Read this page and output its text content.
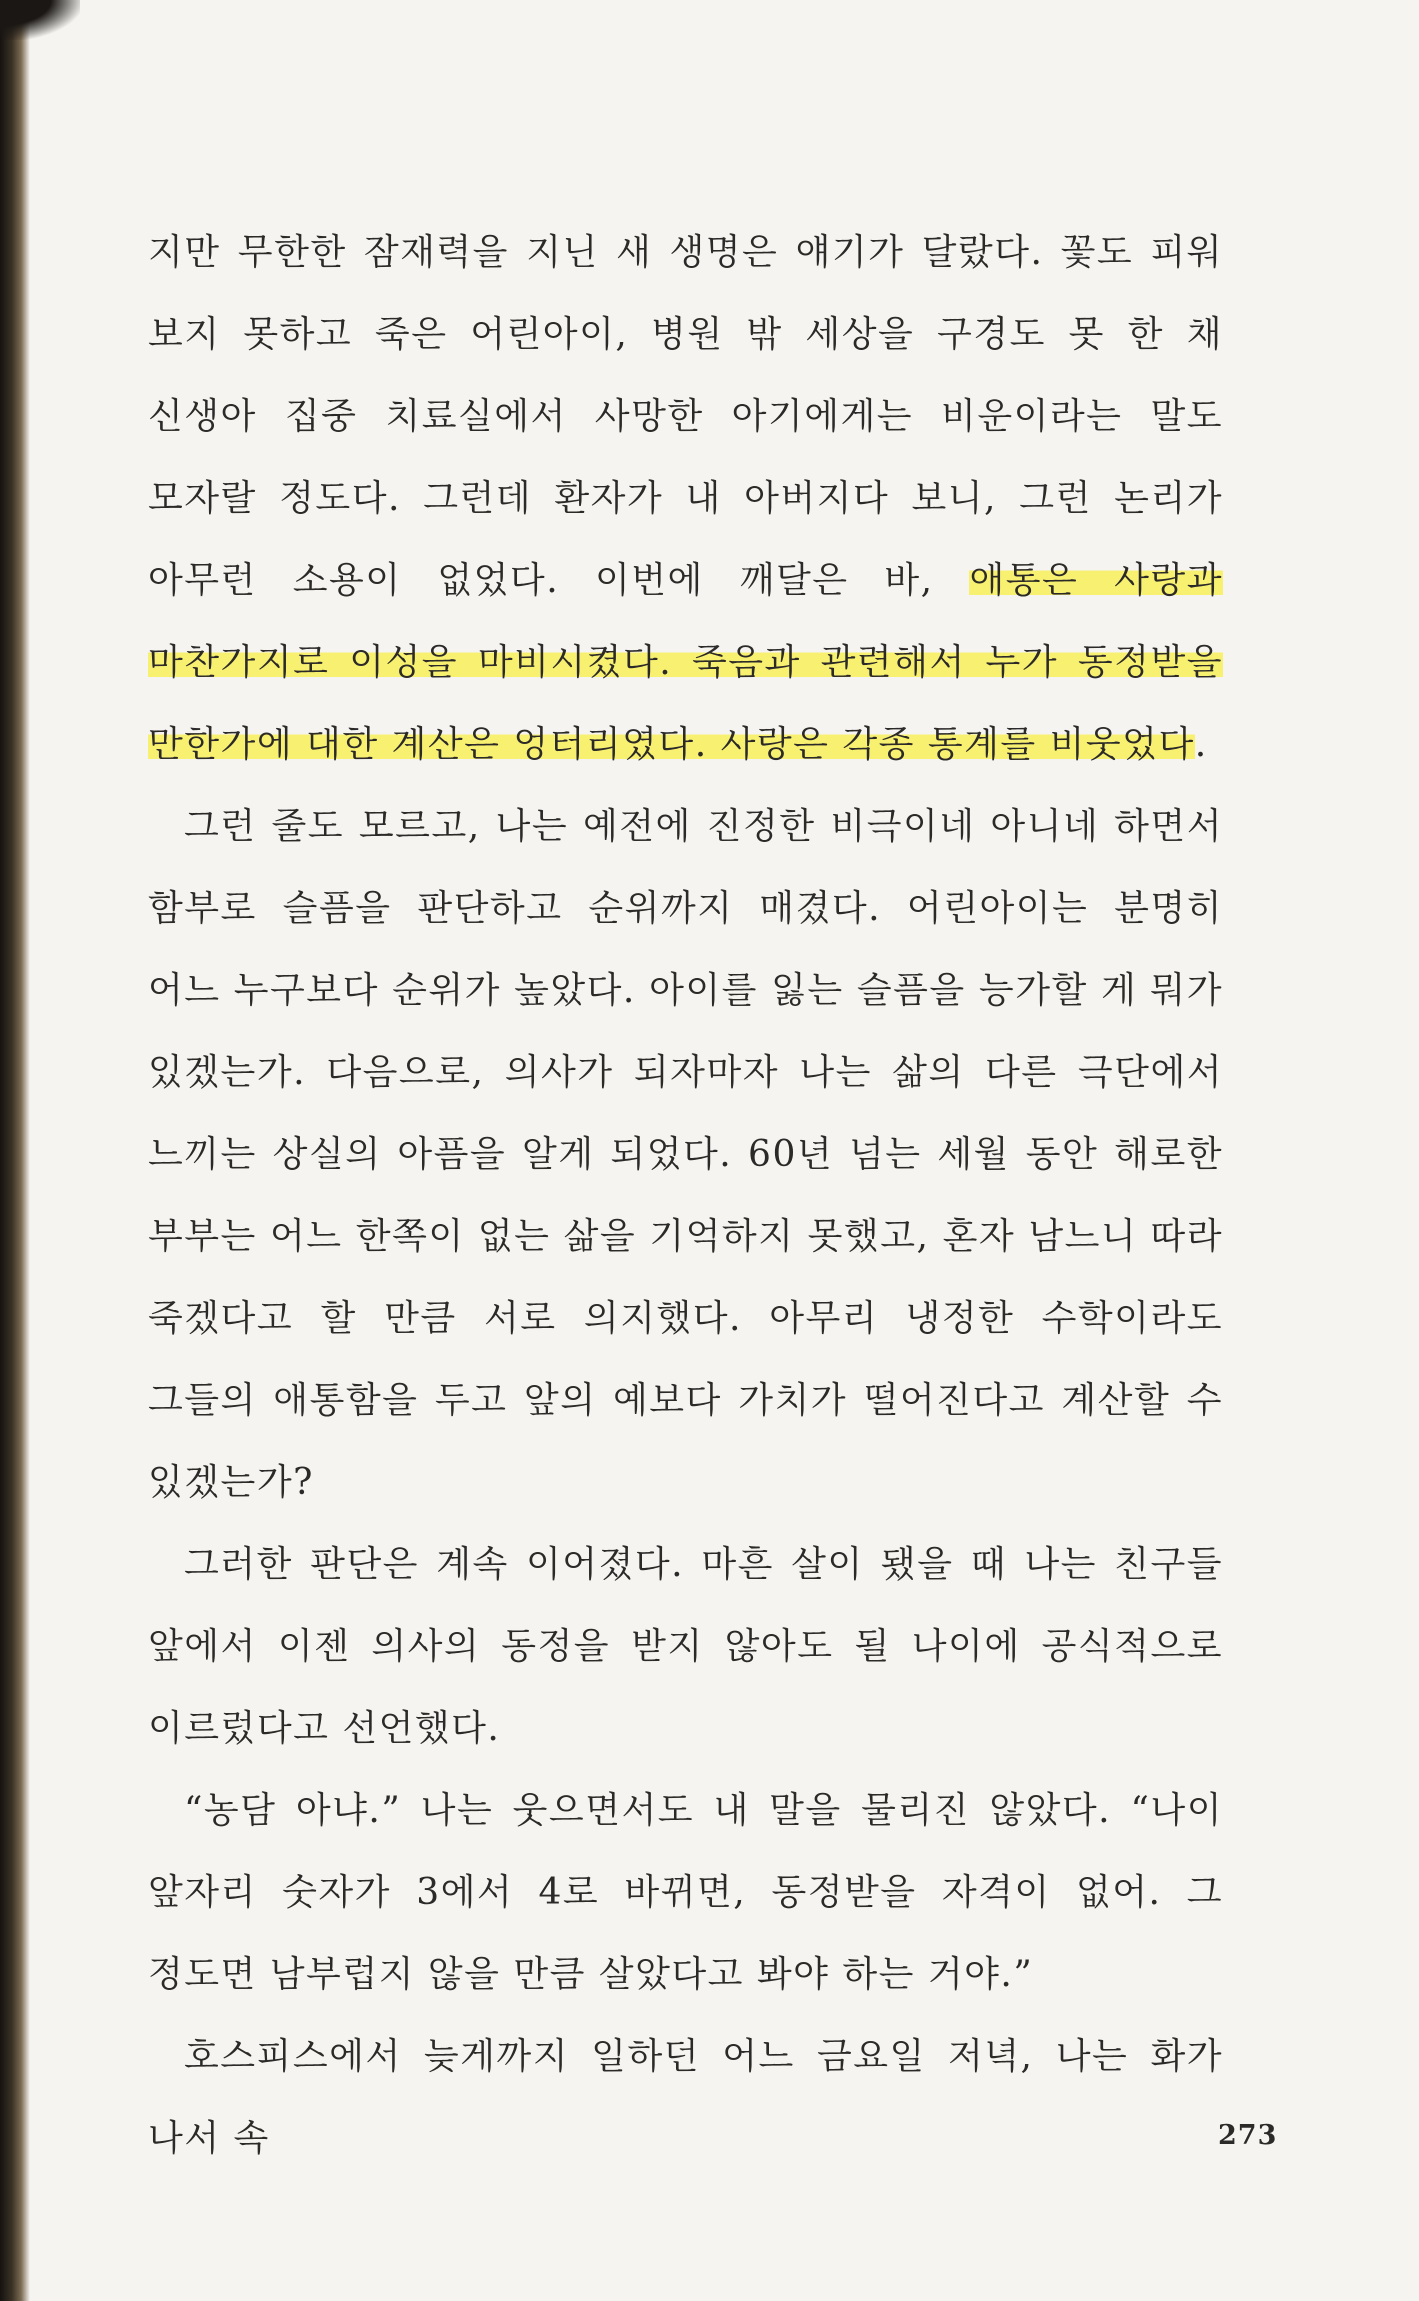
지만 무한한 잠재력을 지닌 새 생명은 얘기가 달랐다. 꽃도 피워 보지 못하고 죽은 어린아이, 병원 밖 세상을 구경도 못 한 채 신생아 집중 치료실에서 사망한 아기에게는 비운이라는 말도 모자랄 정도다. 그런데 환자가 내 아버지다 보니, 그런 논리가 아무런 소용이 없었다. 이번에 깨달은 바, 애통은 사랑과 마찬가지로 이성을 마비시켰다. 죽음과 관련해서 누가 동정받을 만한가에 대한 계산은 엉터리였다. 사랑은 각종 통계를 비웃었다.

그런 줄도 모르고, 나는 예전에 진정한 비극이네 아니네 하면서 함부로 슬픔을 판단하고 순위까지 매겼다. 어린아이는 분명히 어느 누구보다 순위가 높았다. 아이를 잃는 슬픔을 능가할 게 뭐가 있겠는가. 다음으로, 의사가 되자마자 나는 삶의 다른 극단에서 느끼는 상실의 아픔을 알게 되었다. 60년 넘는 세월 동안 해로한 부부는 어느 한쪽이 없는 삶을 기억하지 못했고, 혼자 남느니 따라 죽겠다고 할 만큼 서로 의지했다. 아무리 냉정한 수학이라도 그들의 애통함을 두고 앞의 예보다 가치가 떨어진다고 계산할 수 있겠는가?

그러한 판단은 계속 이어졌다. 마흔 살이 됐을 때 나는 친구들 앞에서 이젠 의사의 동정을 받지 않아도 될 나이에 공식적으로 이르렀다고 선언했다.

“농담 아냐.” 나는 웃으면서도 내 말을 물리진 않았다. “나이 앞자리 숫자가 3에서 4로 바뀌면, 동정받을 자격이 없어. 그 정도면 남부럽지 않을 만큼 살았다고 봐야 하는 거야.”

호스피스에서 늦게까지 일하던 어느 금요일 저녁, 나는 화가 나서 속	273
